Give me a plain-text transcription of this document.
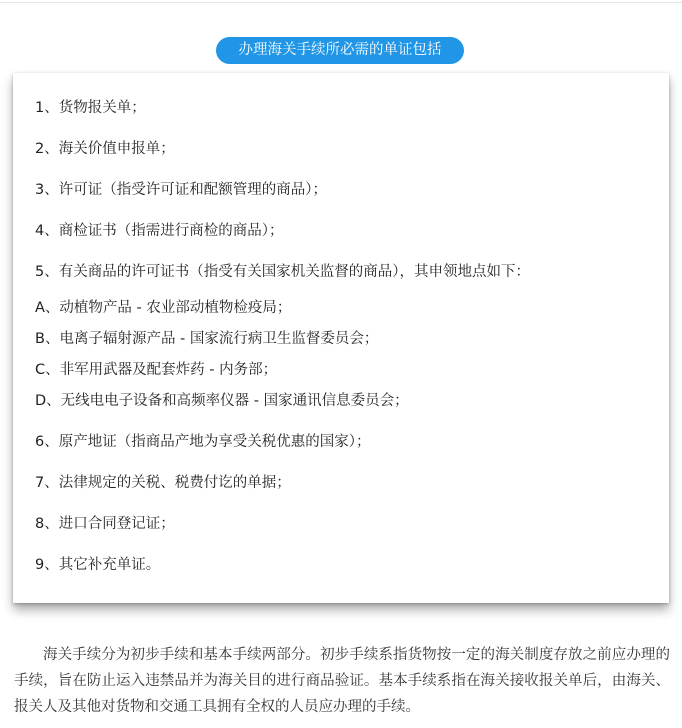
办理海关手续所必需的单证包括
1、货物报关单；
2、海关价值申报单；
3、许可证（指受许可证和配额管理的商品）；
4、商检证书（指需进行商检的商品）；
5、有关商品的许可证书（指受有关国家机关监督的商品），其申领地点如下：
A、动植物产品 - 农业部动植物检疫局；
B、电离子辐射源产品 - 国家流行病卫生监督委员会；
C、非军用武器及配套炸药 - 内务部；
D、无线电电子设备和高频率仪器 - 国家通讯信息委员会；
6、原产地证（指商品产地为享受关税优惠的国家）；
7、法律规定的关税、税费付讫的单据；
8、进口合同登记证；
9、其它补充单证。

海关手续分为初步手续和基本手续两部分。初步手续系指货物按一定的海关制度存放之前应办理的手续，旨在防止运入违禁品并为海关目的进行商品验证。基本手续系指在海关接收报关单后，由海关、报关人及其他对货物和交通工具拥有全权的人员应办理的手续。
